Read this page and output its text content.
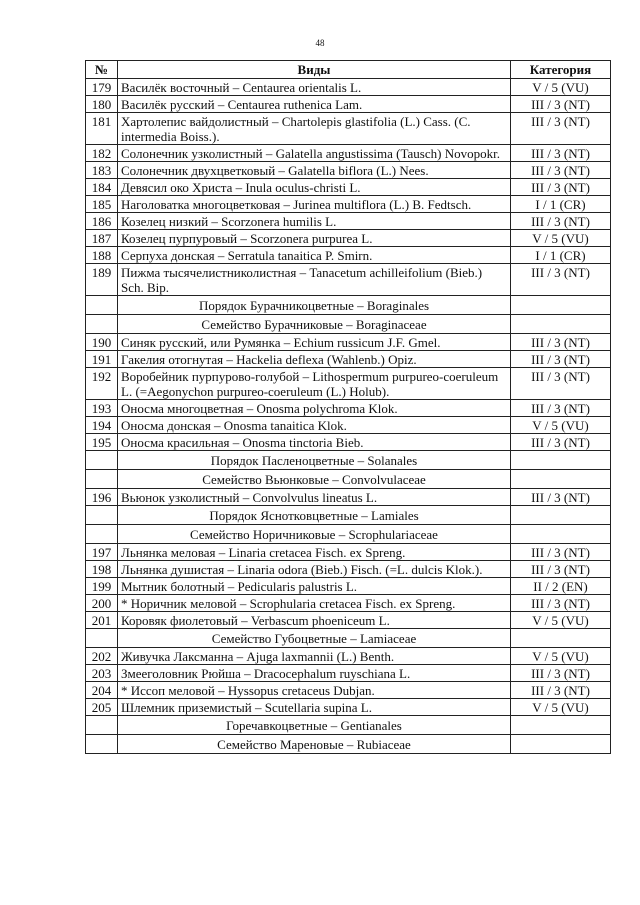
48
№	Виды	Категория
179	Василёк восточный – Centaurea orientalis L.	V / 5 (VU)
180	Василёк русский – Centaurea ruthenica Lam.	III / 3 (NT)
181	Хартолепис вайдолистный – Chartolepis glastifolia (L.) Cass. (C. intermedia Boiss.).	III / 3 (NT)
182	Солонечник узколистный – Galatella angustissima (Tausch) Novopokr.	III / 3 (NT)
183	Солонечник двухцветковый – Galatella biflora (L.) Nees.	III / 3 (NT)
184	Девясил око Христа – Inula oculus-christi L.	III / 3 (NT)
185	Наголоватка многоцветковая – Jurinea multiflora (L.) B. Fedtsch.	I / 1 (CR)
186	Козелец низкий – Scorzonera humilis L.	III / 3 (NT)
187	Козелец пурпуровый – Scorzonera purpurea L.	V / 5 (VU)
188	Серпуха донская – Serratula tanaitica P. Smirn.	I / 1 (CR)
189	Пижма тысячелистниколистная – Tanacetum achilleifolium (Bieb.) Sch. Bip.	III / 3 (NT)
	Порядок Бурачникоцветные – Boraginales	
	Семейство Бурачниковые – Boraginaceae	
190	Синяк русский, или Румянка – Echium russicum J.F. Gmel.	III / 3 (NT)
191	Гакелия отогнутая – Hackelia deflexa (Wahlenb.) Opiz.	III / 3 (NT)
192	Воробейник пурпурово-голубой – Lithospermum purpureo-coeruleum L. (=Aegonychon purpureo-coeruleum (L.) Holub).	III / 3 (NT)
193	Оносма многоцветная – Onosma polychroma Klok.	III / 3 (NT)
194	Оносма донская – Onosma tanaitica Klok.	V / 5 (VU)
195	Оносма красильная – Onosma tinctoria Bieb.	III / 3 (NT)
	Порядок Пасленоцветные – Solanales	
	Семейство Вьюнковые – Convolvulaceae	
196	Вьюнок узколистный – Convolvulus lineatus L.	III / 3 (NT)
	Порядок Яснотковцветные – Lamiales	
	Семейство Норичниковые – Scrophulariaceae	
197	Льнянка меловая – Linaria cretacea Fisch. ex Spreng.	III / 3 (NT)
198	Льнянка душистая – Linaria odora (Bieb.) Fisch. (=L. dulcis Klok.).	III / 3 (NT)
199	Мытник болотный – Pedicularis palustris L.	II / 2 (EN)
200	* Норичник меловой – Scrophularia cretacea Fisch. ex Spreng.	III / 3 (NT)
201	Коровяк фиолетовый – Verbascum phoeniceum L.	V / 5 (VU)
	Семейство Губоцветные – Lamiaceae	
202	Живучка Лаксманна – Ajuga laxmannii (L.) Benth.	V / 5 (VU)
203	Змееголовник Рюйша – Dracocephalum ruyschiana L.	III / 3 (NT)
204	* Иссоп меловой – Hyssopus cretaceus Dubjan.	III / 3 (NT)
205	Шлемник приземистый – Scutellaria supina L.	V / 5 (VU)
	Горечавкоцветные – Gentianales	
	Семейство Мареновые – Rubiaceae	
